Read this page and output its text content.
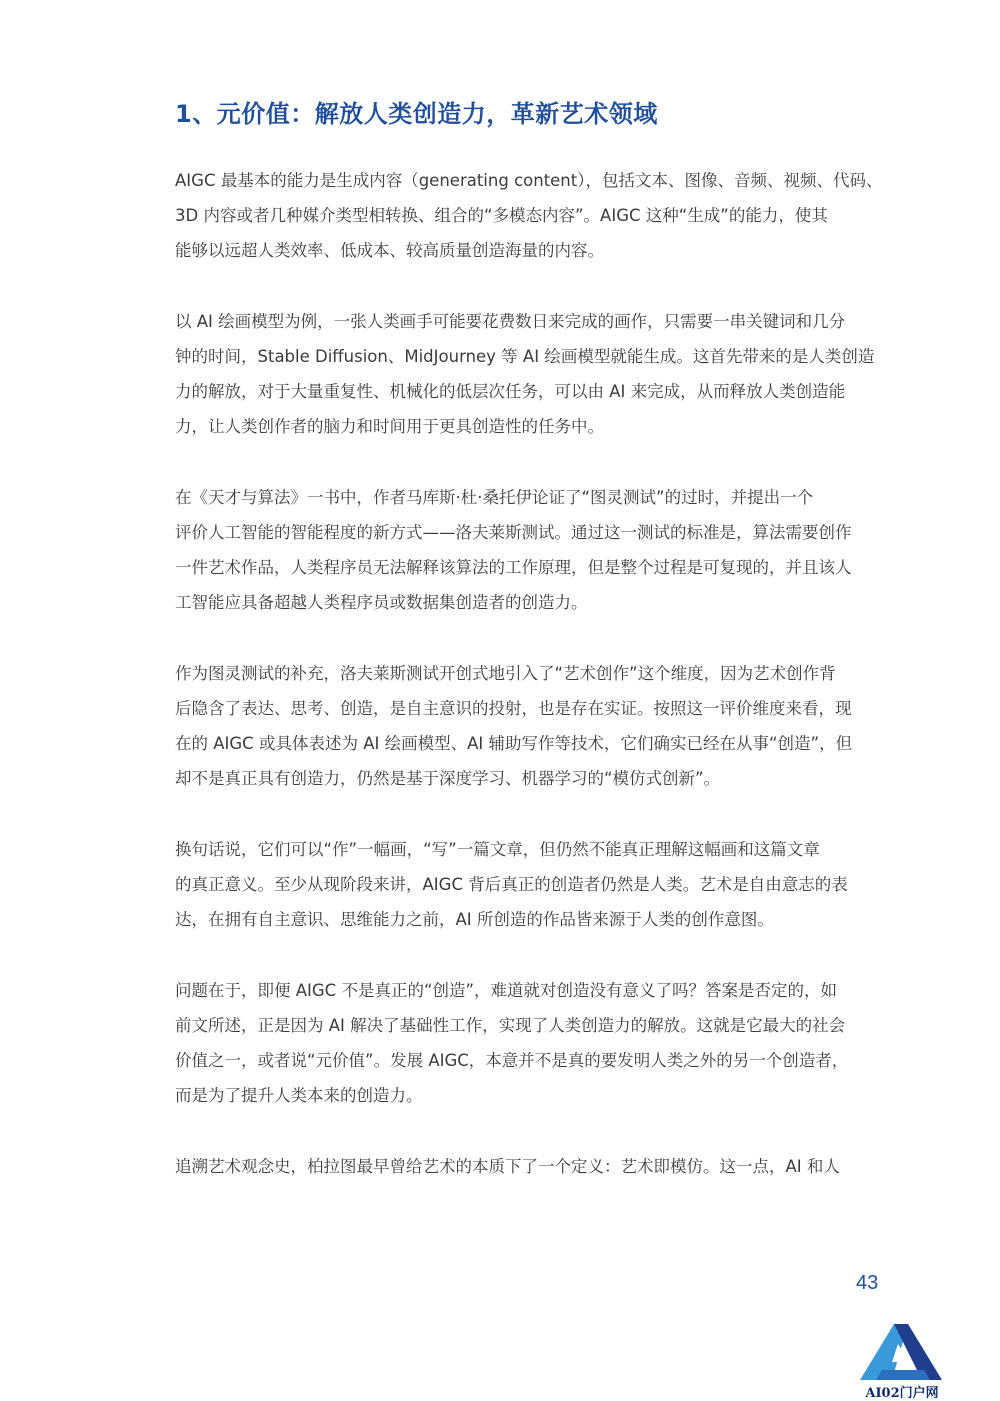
1、元价值：解放人类创造力，革新艺术领域

AIGC 最基本的能力是生成内容（generating content），包括文本、图像、音频、视频、代码、
3D 内容或者几种媒介类型相转换、组合的“多模态内容”。AIGC 这种“生成”的能力，使其
能够以远超人类效率、低成本、较高质量创造海量的内容。

以 AI 绘画模型为例，一张人类画手可能要花费数日来完成的画作，只需要一串关键词和几分
钟的时间，Stable Diffusion、MidJourney 等 AI 绘画模型就能生成。这首先带来的是人类创造
力的解放，对于大量重复性、机械化的低层次任务，可以由 AI 来完成，从而释放人类创造能
力，让人类创作者的脑力和时间用于更具创造性的任务中。

在《天才与算法》一书中，作者马库斯·杜·桑托伊论证了“图灵测试”的过时，并提出一个
评价人工智能的智能程度的新方式——洛夫莱斯测试。通过这一测试的标准是，算法需要创作
一件艺术作品，人类程序员无法解释该算法的工作原理，但是整个过程是可复现的，并且该人
工智能应具备超越人类程序员或数据集创造者的创造力。

作为图灵测试的补充，洛夫莱斯测试开创式地引入了“艺术创作”这个维度，因为艺术创作背
后隐含了表达、思考、创造，是自主意识的投射，也是存在实证。按照这一评价维度来看，现
在的 AIGC 或具体表述为 AI 绘画模型、AI 辅助写作等技术，它们确实已经在从事“创造”，但
却不是真正具有创造力，仍然是基于深度学习、机器学习的“模仿式创新”。

换句话说，它们可以“作”一幅画，“写”一篇文章，但仍然不能真正理解这幅画和这篇文章
的真正意义。至少从现阶段来讲，AIGC 背后真正的创造者仍然是人类。艺术是自由意志的表
达，在拥有自主意识、思维能力之前，AI 所创造的作品皆来源于人类的创作意图。

问题在于，即便 AIGC 不是真正的“创造”，难道就对创造没有意义了吗？答案是否定的，如
前文所述，正是因为 AI 解决了基础性工作，实现了人类创造力的解放。这就是它最大的社会
价值之一，或者说“元价值”。发展 AIGC，本意并不是真的要发明人类之外的另一个创造者，
而是为了提升人类本来的创造力。

追溯艺术观念史，柏拉图最早曾给艺术的本质下了一个定义：艺术即模仿。这一点，AI 和人

43
AI02门户网
